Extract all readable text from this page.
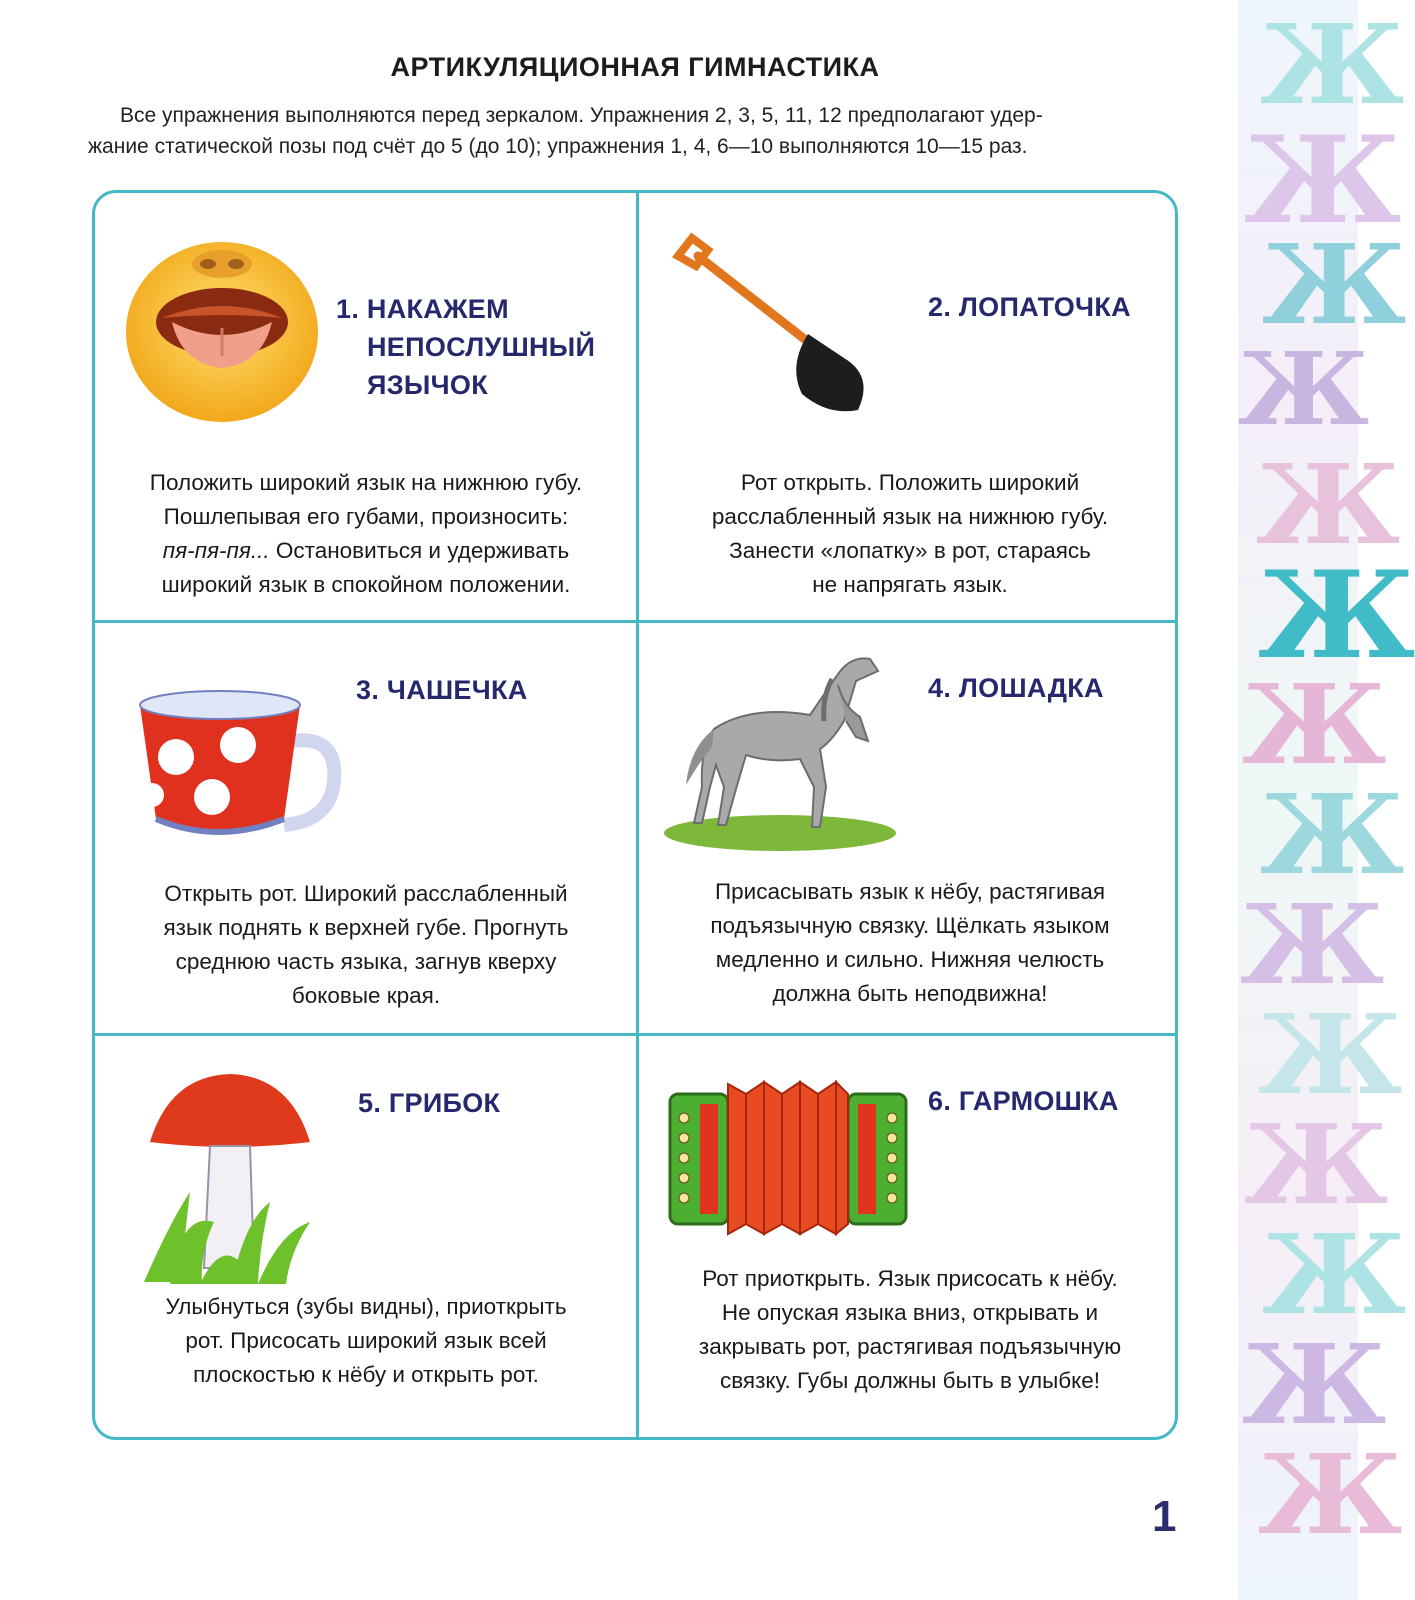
АРТИКУЛЯЦИОННАЯ ГИМНАСТИКА
Все упражнения выполняются перед зеркалом. Упражнения 2, 3, 5, 11, 12 предполагают удер-
жание статической позы под счёт до 5 (до 10); упражнения 1, 4, 6—10 выполняются 10—15 раз.
1. НАКАЖЕМ
НЕПОСЛУШНЫЙ
ЯЗЫЧОК
Положить широкий язык на нижнюю губу.
Пошлепывая его губами, произносить:
пя-пя-пя... Остановиться и удерживать
широкий язык в спокойном положении.
2. ЛОПАТОЧКА
Рот открыть. Положить широкий
расслабленный язык на нижнюю губу.
Занести «лопатку» в рот, стараясь
не напрягать язык.
3. ЧАШЕЧКА
Открыть рот. Широкий расслабленный
язык поднять к верхней губе. Прогнуть
среднюю часть языка, загнув кверху
боковые края.
4. ЛОШАДКА
Присасывать язык к нёбу, растягивая
подъязычную связку. Щёлкать языком
медленно и сильно. Нижняя челюсть
должна быть неподвижна!
5. ГРИБОК
Улыбнуться (зубы видны), приоткрыть
рот. Присосать широкий язык всей
плоскостью к нёбу и открыть рот.
6. ГАРМОШКА
Рот приоткрыть. Язык присосать к нёбу.
Не опуская языка вниз, открывать и
закрывать рот, растягивая подъязычную
связку. Губы должны быть в улыбке!
Ж
Ж
Ж
Ж
Ж
Ж
Ж
Ж
Ж
Ж
Ж
Ж
Ж
Ж
1
